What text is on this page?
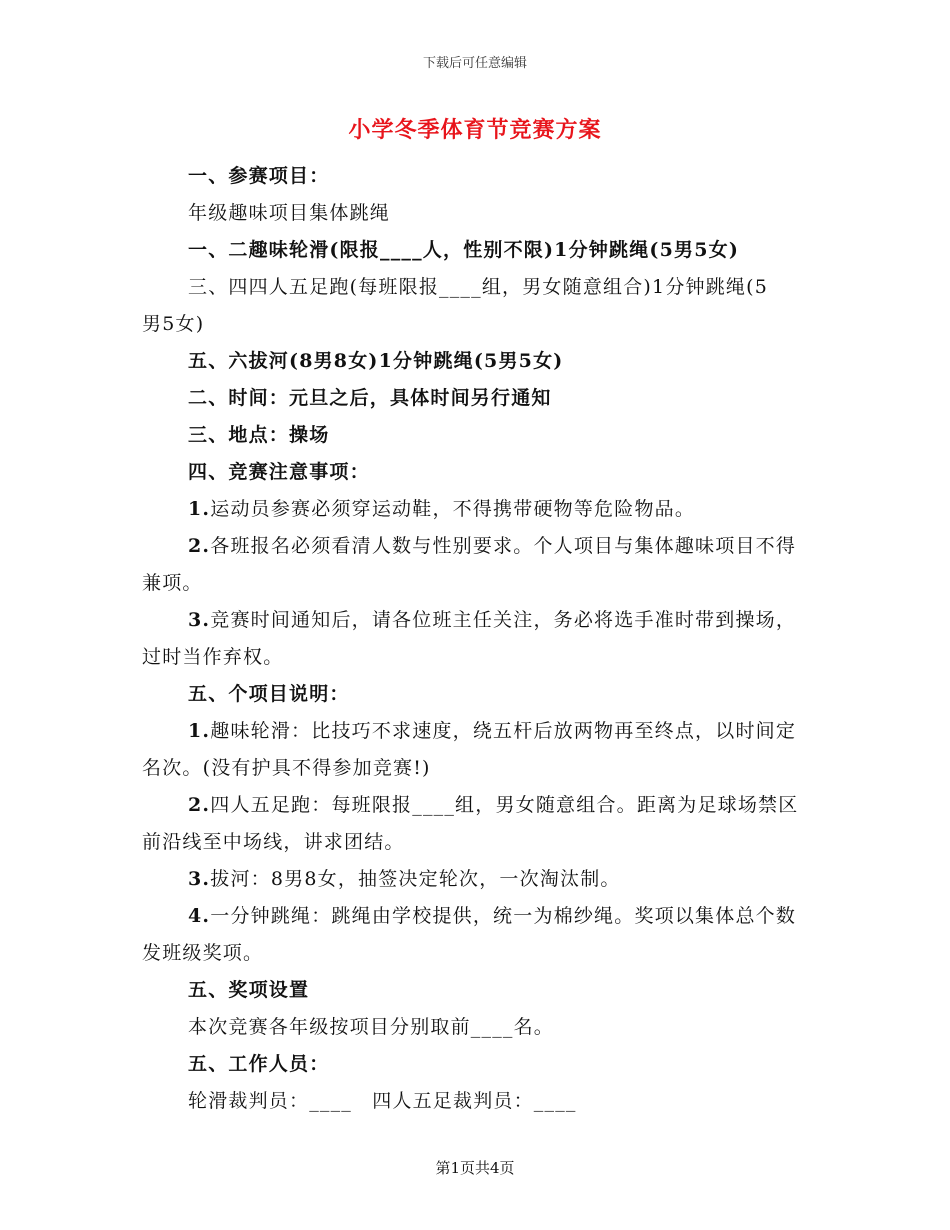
下载后可任意编辑
小学冬季体育节竞赛方案
一、参赛项目：
年级趣味项目集体跳绳
一、二趣味轮滑(限报____人，性别不限)1分钟跳绳(5男5女)
三、四四人五足跑(每班限报____组，男女随意组合)1分钟跳绳(5
男5女)
五、六拔河(8男8女)1分钟跳绳(5男5女)
二、时间：元旦之后，具体时间另行通知
三、地点：操场
四、竞赛注意事项：
1.运动员参赛必须穿运动鞋，不得携带硬物等危险物品。
2.各班报名必须看清人数与性别要求。个人项目与集体趣味项目不得兼项。
3.竞赛时间通知后，请各位班主任关注，务必将选手准时带到操场，过时当作弃权。
五、个项目说明：
1.趣味轮滑：比技巧不求速度，绕五杆后放两物再至终点，以时间定名次。(没有护具不得参加竞赛!)
2.四人五足跑：每班限报____组，男女随意组合。距离为足球场禁区前沿线至中场线，讲求团结。
3.拔河：8男8女，抽签决定轮次，一次淘汰制。
4.一分钟跳绳：跳绳由学校提供，统一为棉纱绳。奖项以集体总个数发班级奖项。
五、奖项设置
本次竞赛各年级按项目分别取前____名。
五、工作人员：
轮滑裁判员：____　四人五足裁判员：____
第1页共4页
